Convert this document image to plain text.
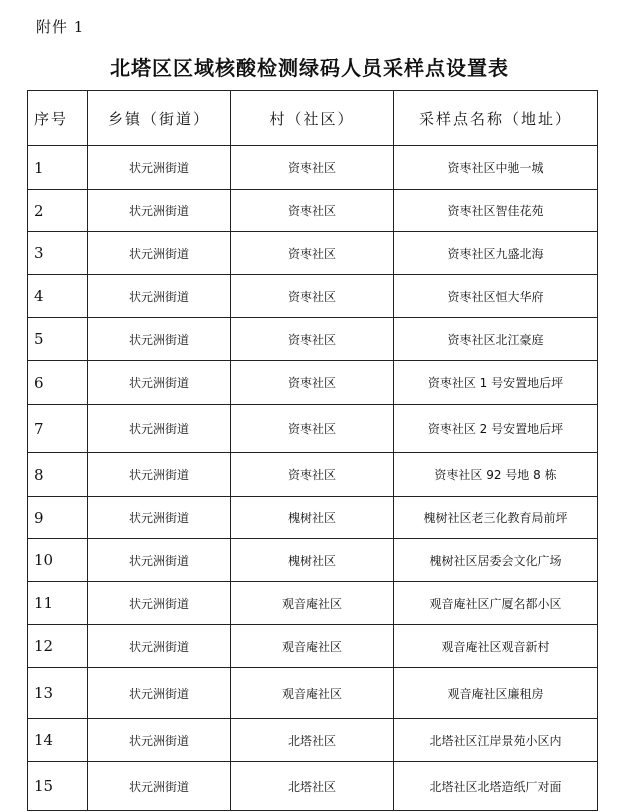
附件 1
北塔区区域核酸检测绿码人员采样点设置表
序号	乡镇（街道）	村（社区）	采样点名称（地址）
1	状元洲街道	资枣社区	资枣社区中驰一城
2	状元洲街道	资枣社区	资枣社区智佳花苑
3	状元洲街道	资枣社区	资枣社区九盛北海
4	状元洲街道	资枣社区	资枣社区恒大华府
5	状元洲街道	资枣社区	资枣社区北江豪庭
6	状元洲街道	资枣社区	资枣社区 1 号安置地后坪
7	状元洲街道	资枣社区	资枣社区 2 号安置地后坪
8	状元洲街道	资枣社区	资枣社区 92 号地 8 栋
9	状元洲街道	槐树社区	槐树社区老三化教育局前坪
10	状元洲街道	槐树社区	槐树社区居委会文化广场
11	状元洲街道	观音庵社区	观音庵社区广厦名都小区
12	状元洲街道	观音庵社区	观音庵社区观音新村
13	状元洲街道	观音庵社区	观音庵社区廉租房
14	状元洲街道	北塔社区	北塔社区江岸景苑小区内
15	状元洲街道	北塔社区	北塔社区北塔造纸厂对面
